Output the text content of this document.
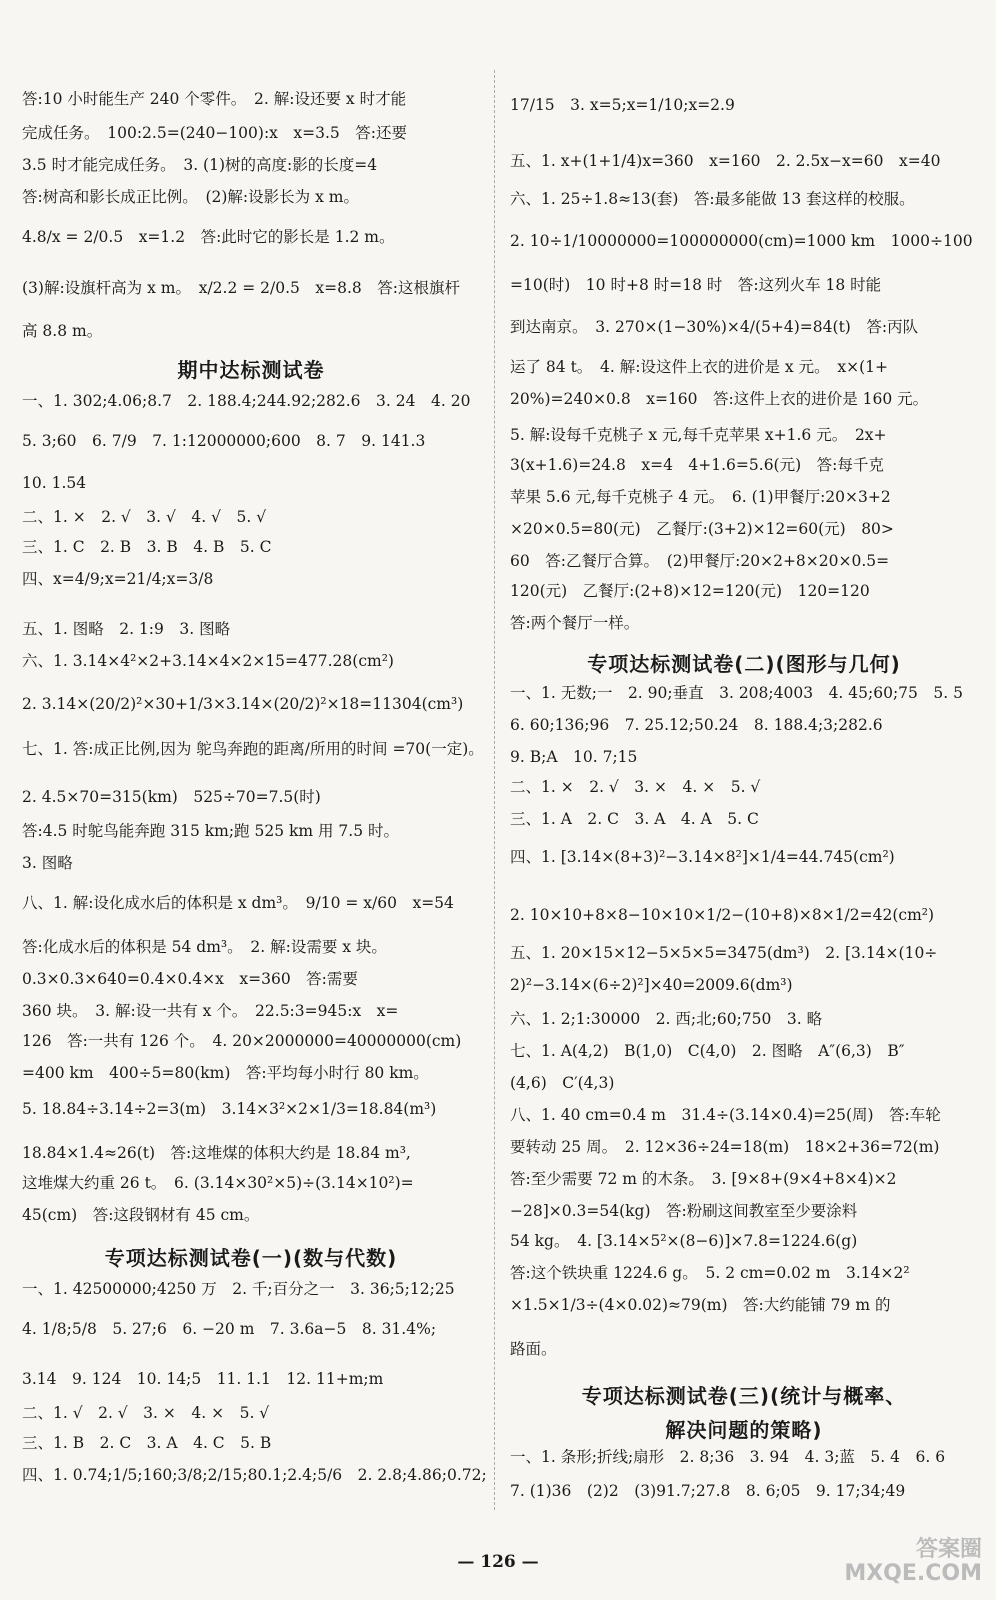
答:10 小时能生产 240 个零件。　2. 解:设还要 x 时才能
完成任务。　100:2.5=(240−100):x　x=3.5　答:还要
3.5 时才能完成任务。　3. (1)树的高度:影的长度=4
答:树高和影长成正比例。　(2)解:设影长为 x m。
4.8/x = 2/0.5　x=1.2　答:此时它的影长是 1.2 m。
(3)解:设旗杆高为 x m。　x/2.2 = 2/0.5　x=8.8　答:这根旗杆
高 8.8 m。
期中达标测试卷
一、1. 302;4.06;8.7　2. 188.4;244.92;282.6　3. 24　4. 20
5. 3;60　6. 7/9　7. 1:12000000;600　8. 7　9. 141.3
10. 1.54
二、1. ×　2. √　3. √　4. √　5. √
三、1. C　2. B　3. B　4. B　5. C
四、x=4/9;x=21/4;x=3/8
五、1. 图略　2. 1:9　3. 图略
六、1. 3.14×4²×2+3.14×4×2×15=477.28(cm²)
2. 3.14×(20/2)²×30+1/3×3.14×(20/2)²×18=11304(cm³)
七、1. 答:成正比例,因为 鸵鸟奔跑的距离/所用的时间 =70(一定)。
2. 4.5×70=315(km)　525÷70=7.5(时)
答:4.5 时鸵鸟能奔跑 315 km;跑 525 km 用 7.5 时。
3. 图略
八、1. 解:设化成水后的体积是 x dm³。　9/10 = x/60　x=54
答:化成水后的体积是 54 dm³。　2. 解:设需要 x 块。
0.3×0.3×640=0.4×0.4×x　x=360　答:需要
360 块。　3. 解:设一共有 x 个。　22.5:3=945:x　x=
126　答:一共有 126 个。　4. 20×2000000=40000000(cm)
=400 km　400÷5=80(km)　答:平均每小时行 80 km。
5. 18.84÷3.14÷2=3(m)　3.14×3²×2×1/3=18.84(m³)
18.84×1.4≈26(t)　答:这堆煤的体积大约是 18.84 m³,
这堆煤大约重 26 t。　6. (3.14×30²×5)÷(3.14×10²)=
45(cm)　答:这段钢材有 45 cm。
专项达标测试卷(一)(数与代数)
一、1. 42500000;4250 万　2. 千;百分之一　3. 36;5;12;25
4. 1/8;5/8　5. 27;6　6. −20 m　7. 3.6a−5　8. 31.4%;
3.14　9. 124　10. 14;5　11. 1.1　12. 11+m;m
二、1. √　2. √　3. ×　4. ×　5. √
三、1. B　2. C　3. A　4. C　5. B
四、1. 0.74;1/5;160;3/8;2/15;80.1;2.4;5/6　2. 2.8;4.86;0.72;
17/15　3. x=5;x=1/10;x=2.9
五、1. x+(1+1/4)x=360　x=160　2. 2.5x−x=60　x=40
六、1. 25÷1.8≈13(套)　答:最多能做 13 套这样的校服。
2. 10÷1/10000000=100000000(cm)=1000 km　1000÷100
=10(时)　10 时+8 时=18 时　答:这列火车 18 时能
到达南京。　3. 270×(1−30%)×4/(5+4)=84(t)　答:丙队
运了 84 t。　4. 解:设这件上衣的进价是 x 元。　x×(1+
20%)=240×0.8　x=160　答:这件上衣的进价是 160 元。
5. 解:设每千克桃子 x 元,每千克苹果 x+1.6 元。　2x+
3(x+1.6)=24.8　x=4　4+1.6=5.6(元)　答:每千克
苹果 5.6 元,每千克桃子 4 元。　6. (1)甲餐厅:20×3+2
×20×0.5=80(元)　乙餐厅:(3+2)×12=60(元)　80>
60　答:乙餐厅合算。　(2)甲餐厅:20×2+8×20×0.5=
120(元)　乙餐厅:(2+8)×12=120(元)　120=120
答:两个餐厅一样。
专项达标测试卷(二)(图形与几何)
一、1. 无数;一　2. 90;垂直　3. 208;4003　4. 45;60;75　5. 5
6. 60;136;96　7. 25.12;50.24　8. 188.4;3;282.6
9. B;A　10. 7;15
二、1. ×　2. √　3. ×　4. ×　5. √
三、1. A　2. C　3. A　4. A　5. C
四、1. [3.14×(8+3)²−3.14×8²]×1/4=44.745(cm²)
2. 10×10+8×8−10×10×1/2−(10+8)×8×1/2=42(cm²)
五、1. 20×15×12−5×5×5=3475(dm³)　2. [3.14×(10÷
2)²−3.14×(6÷2)²]×40=2009.6(dm³)
六、1. 2;1:30000　2. 西;北;60;750　3. 略
七、1. A(4,2)　B(1,0)　C(4,0)　2. 图略　A″(6,3)　B″
(4,6)　C′(4,3)
八、1. 40 cm=0.4 m　31.4÷(3.14×0.4)=25(周)　答:车轮
要转动 25 周。　2. 12×36÷24=18(m)　18×2+36=72(m)
答:至少需要 72 m 的木条。　3. [9×8+(9×4+8×4)×2
−28]×0.3=54(kg)　答:粉刷这间教室至少要涂料
54 kg。　4. [3.14×5²×(8−6)]×7.8=1224.6(g)
答:这个铁块重 1224.6 g。　5. 2 cm=0.02 m　3.14×2²
×1.5×1/3÷(4×0.02)≈79(m)　答:大约能铺 79 m 的
路面。
专项达标测试卷(三)(统计与概率、
解决问题的策略)
一、1. 条形;折线;扇形　2. 8;36　3. 94　4. 3;蓝　5. 4　6. 6
7. (1)36　(2)2　(3)91.7;27.8　8. 6;05　9. 17;34;49
— 126 —	答案圈
MXQE.COM
